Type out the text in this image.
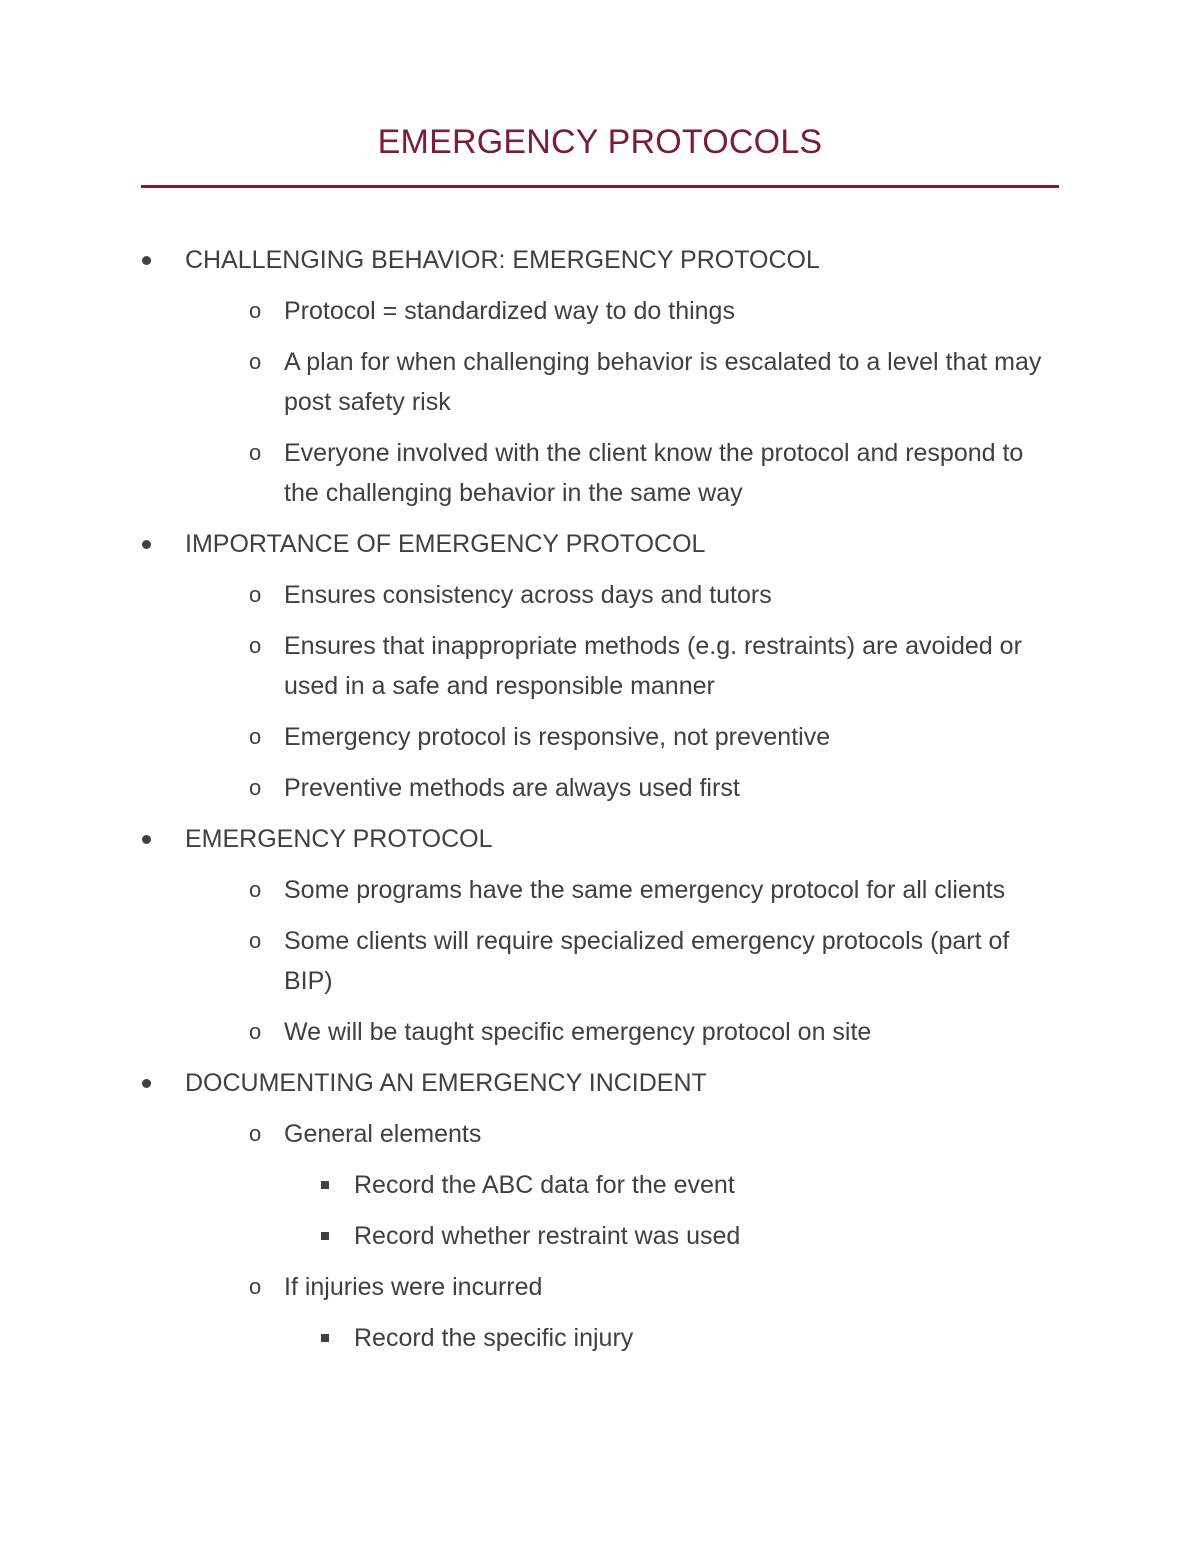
EMERGENCY PROTOCOLS
CHALLENGING BEHAVIOR: EMERGENCY PROTOCOL
o Protocol = standardized way to do things
o A plan for when challenging behavior is escalated to a level that may post safety risk
o Everyone involved with the client know the protocol and respond to the challenging behavior in the same way
IMPORTANCE OF EMERGENCY PROTOCOL
o Ensures consistency across days and tutors
o Ensures that inappropriate methods (e.g. restraints) are avoided or used in a safe and responsible manner
o Emergency protocol is responsive, not preventive
o Preventive methods are always used first
EMERGENCY PROTOCOL
o Some programs have the same emergency protocol for all clients
o Some clients will require specialized emergency protocols (part of BIP)
o We will be taught specific emergency protocol on site
DOCUMENTING AN EMERGENCY INCIDENT
o General elements
Record the ABC data for the event
Record whether restraint was used
o If injuries were incurred
Record the specific injury
